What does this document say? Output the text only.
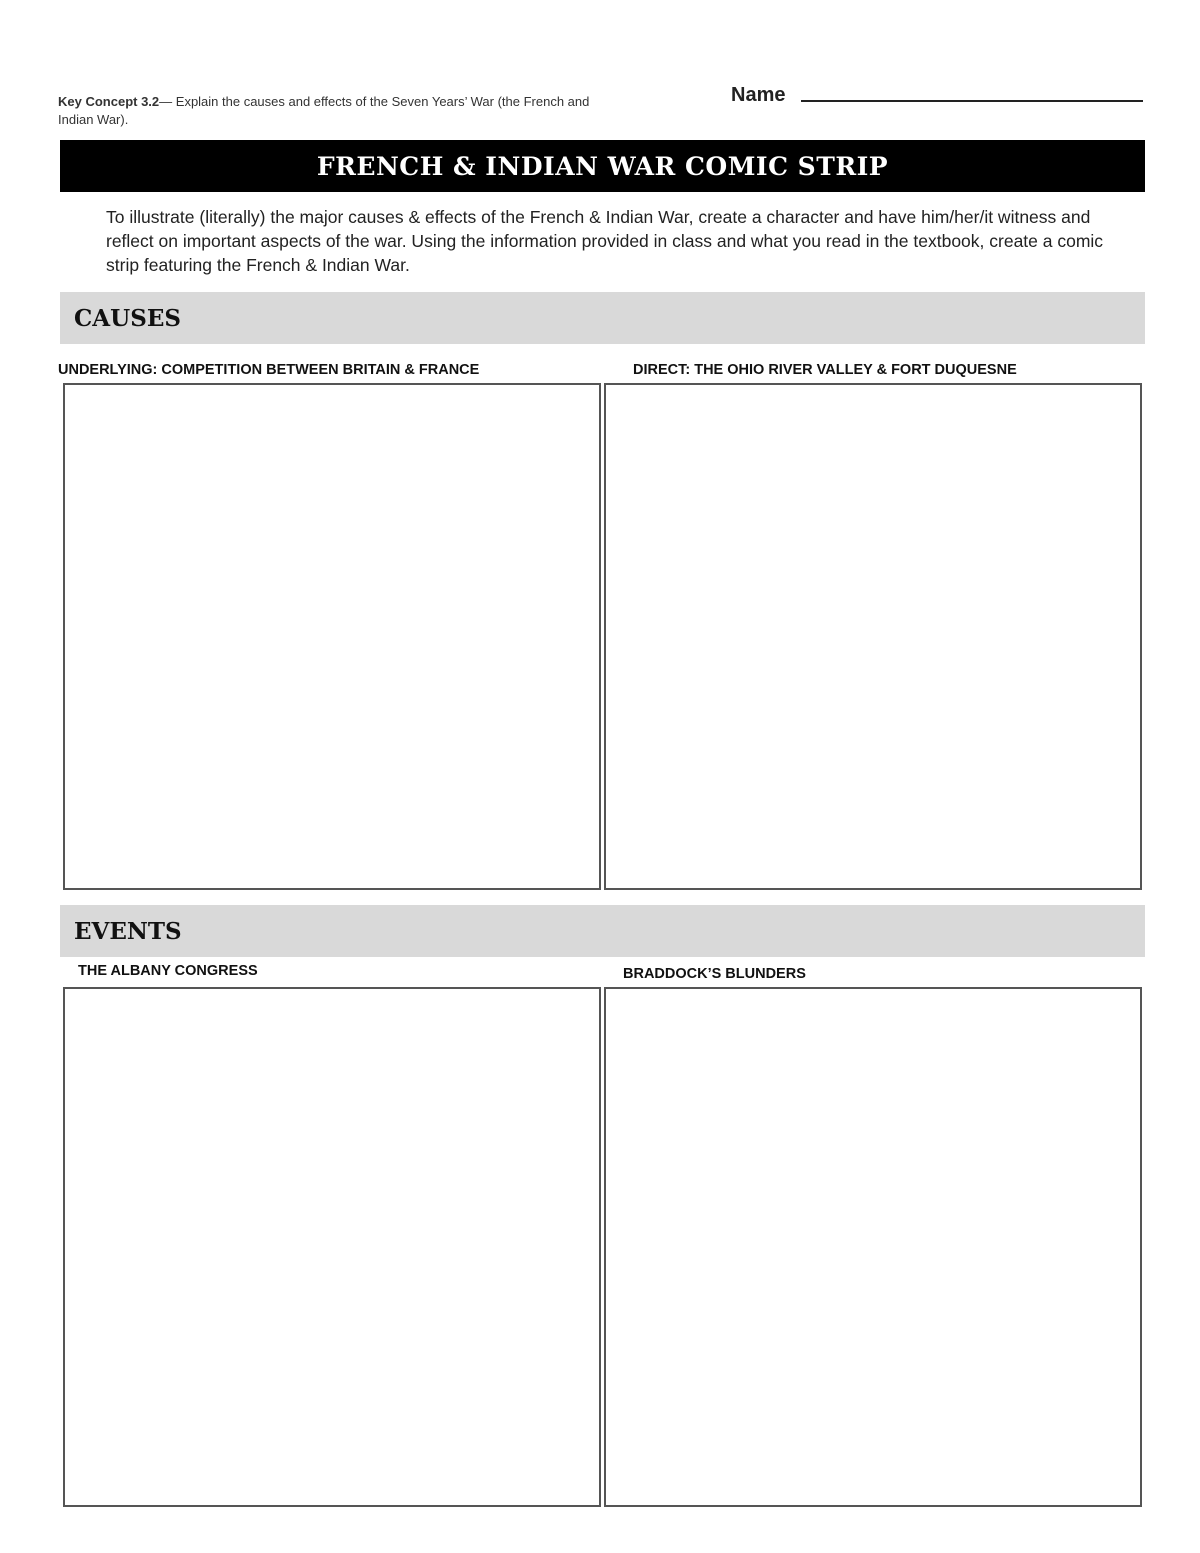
Key Concept 3.2— Explain the causes and effects of the Seven Years’ War (the French and Indian War).
Name
FRENCH & INDIAN WAR COMIC STRIP
To illustrate (literally) the major causes & effects of the French & Indian War, create a character and have him/her/it witness and reflect on important aspects of the war. Using the information provided in class and what you read in the textbook, create a comic strip featuring the French & Indian War.
CAUSES
UNDERLYING: COMPETITION BETWEEN BRITAIN & FRANCE	DIRECT: THE OHIO RIVER VALLEY & FORT DUQUESNE
EVENTS
THE ALBANY CONGRESS	BRADDOCK’S BLUNDERS
